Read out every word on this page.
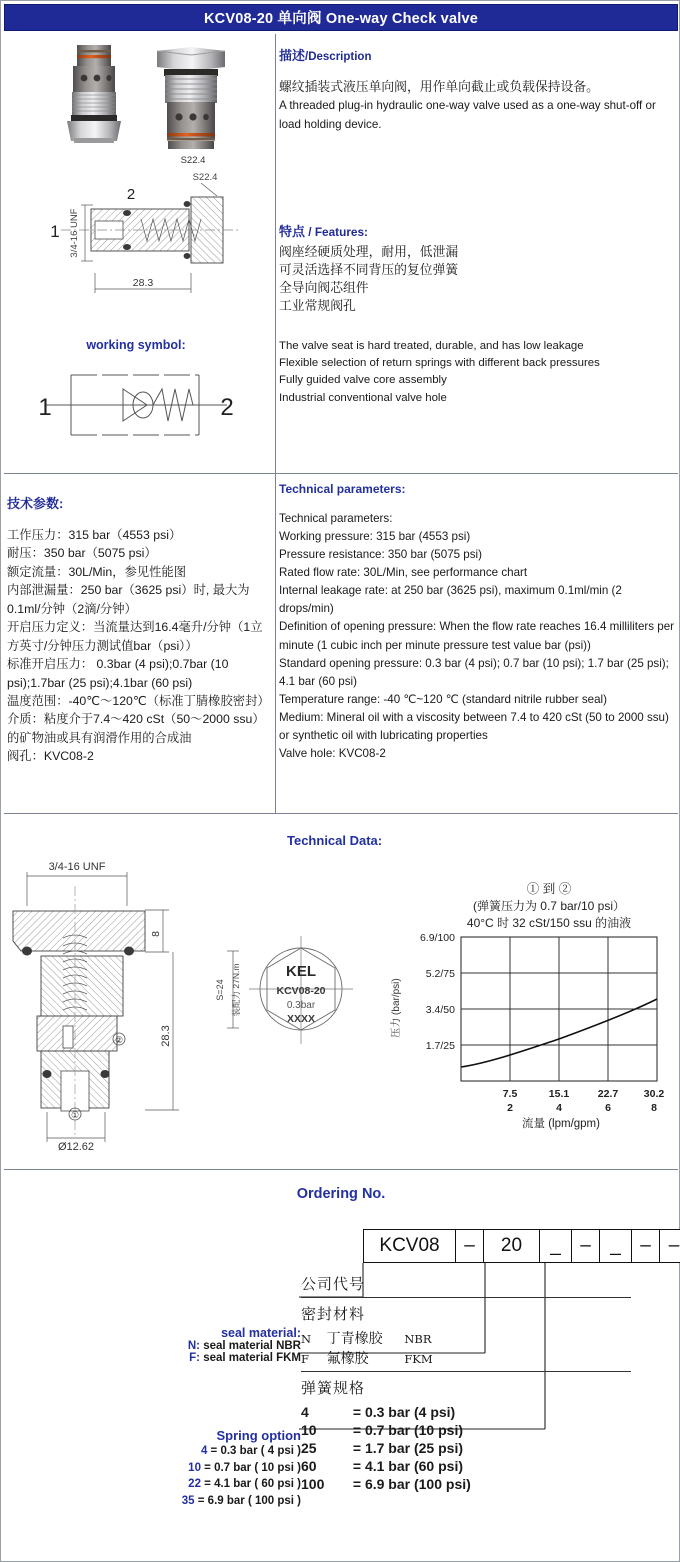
KCV08-20 单向阀 One-way Check valve
S22.4
2
1 3/4-16 UNF
S22.4
28.3
描述/Description
螺纹插装式液压单向阀，用作单向截止或负载保持设备。
A threaded plug-in hydraulic one-way valve used as a one-way shut-off or load holding device.
特点 / Features:
阀座经硬质处理，耐用，低泄漏
可灵活选择不同背压的复位弹簧
全导向阀芯组件
工业常规阀孔
The valve seat is hard treated, durable, and has low leakage
Flexible selection of return springs with different back pressures
Fully guided valve core assembly
Industrial conventional valve hole
working symbol:
1	2
技术参数:
工作压力：315 bar（4553 psi）
耐压：350 bar（5075 psi）
额定流量：30L/Min，参见性能图
内部泄漏量：250 bar（3625 psi）时, 最大为 0.1ml/分钟（2滴/分钟）
开启压力定义：当流量达到16.4毫升/分钟（1立方英寸/分钟压力测试值bar（psi））
标准开启压力： 0.3bar (4 psi);0.7bar (10 psi);1.7bar (25 psi);4.1bar (60 psi)
温度范围：-40℃～120℃（标准丁腈橡胶密封）
介质：粘度介于7.4～420 cSt（50～2000 ssu）的矿物油或具有润滑作用的合成油
阀孔：KVC08-2
Technical parameters:
Technical parameters:
Working pressure: 315 bar (4553 psi)
Pressure resistance: 350 bar (5075 psi)
Rated flow rate: 30L/Min, see performance chart
Internal leakage rate: at 250 bar (3625 psi), maximum 0.1ml/min (2 drops/min)
Definition of opening pressure: When the flow rate reaches 16.4 milliliters per minute (1 cubic inch per minute pressure test value bar (psi))
Standard opening pressure: 0.3 bar (4 psi); 0.7 bar (10 psi); 1.7 bar (25 psi); 4.1 bar (60 psi)
Temperature range: -40 ℃~120 ℃ (standard nitrile rubber seal)
Medium: Mineral oil with a viscosity between 7.4 to 420 cSt (50 to 2000 ssu) or synthetic oil with lubricating properties
Valve hole: KVC08-2
Technical Data:
3/4-16 UNF
8
28.3
Ø12.62
②
①
S=24 装配力 27N.m	KEL
KCV08-20
0.3bar
XXXX
① 到 ②
(弹簧压力为 0.7 bar/10 psi）
40°C 时 32 cSt/150 ssu 的油液
压力 (bar/psi)
6.9/100
5.2/75
3.4/50
1.7/25
7.5	15.1	22.7 30.2
2	4	6	8
流量 (lpm/gpm)
Ordering No.
KCV08	–	20	_	–	_	– –
公司代号
密封材料
N 丁青橡胶 NBR
F 氟橡胶	FKM
弹簧规格
4	= 0.3 bar (4 psi)
10	= 0.7 bar (10 psi)
25	= 1.7 bar (25 psi)
60	= 4.1 bar (60 psi)
100 = 6.9 bar (100 psi)
seal material:
N: seal material NBR
F: seal material FKM
Spring option
4 = 0.3 bar ( 4 psi )
10 = 0.7 bar ( 10 psi )
22 = 4.1 bar ( 60 psi )
35 = 6.9 bar ( 100 psi )
